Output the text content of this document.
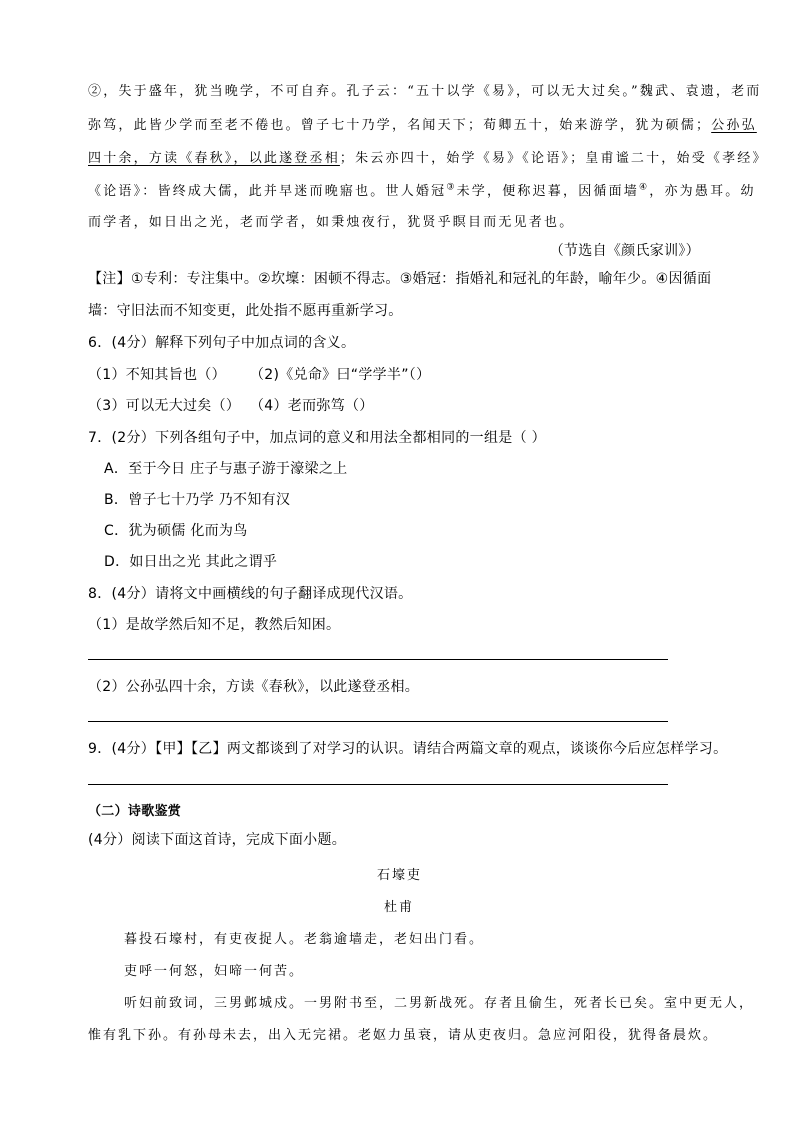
②，失于盛年，犹当晚学，不可自弃。孔子云：“五十以学《易》，可以无大过矣。”魏武、袁遗，老而
弥笃，此皆少学而至老不倦也。曾子七十乃学，名闻天下；荀卿五十，始来游学，犹为硕儒；公孙弘
四十余，方读《春秋》，以此遂登丞相；朱云亦四十，始学《易》《论语》；皇甫谧二十，始受《孝经》
《论语》：皆终成大儒，此并早迷而晚寤也。世人婚冠③未学，便称迟暮，因循面墙④，亦为愚耳。幼
而学者，如日出之光，老而学者，如秉烛夜行，犹贤乎瞑目而无见者也。
（节选自《颜氏家训》）
【注】①专利：专注集中。②坎壈：困顿不得志。③婚冠：指婚礼和冠礼的年龄，喻年少。④因循面
墙：守旧法而不知变更，此处指不愿再重新学习。
6．(4分）解释下列句子中加点词的含义。
（1）不知其旨也（） （2)《兑命》曰“学学半”（）
（3）可以无大过矣（） （4）老而弥笃（）
7．(2分）下列各组句子中，加点词的意义和用法全都相同的一组是（ ）
A．至于今日 庄子与惠子游于濠梁之上
B．曾子七十乃学 乃不知有汉
C．犹为硕儒 化而为鸟
D．如日出之光 其此之谓乎
8．(4分）请将文中画横线的句子翻译成现代汉语。
（1）是故学然后知不足，教然后知困。
（2）公孙弘四十余，方读《春秋》，以此遂登丞相。
9．(4分）【甲】【乙】两文都谈到了对学习的认识。请结合两篇文章的观点，谈谈你今后应怎样学习。
（二）诗歌鉴赏
(4分）阅读下面这首诗，完成下面小题。
石壕吏
杜甫
暮投石壕村，有吏夜捉人。老翁逾墙走，老妇出门看。
吏呼一何怒，妇啼一何苦。
听妇前致词，三男邺城戍。一男附书至，二男新战死。存者且偷生，死者长已矣。室中更无人，
惟有乳下孙。有孙母未去，出入无完裙。老妪力虽衰，请从吏夜归。急应河阳役，犹得备晨炊。
